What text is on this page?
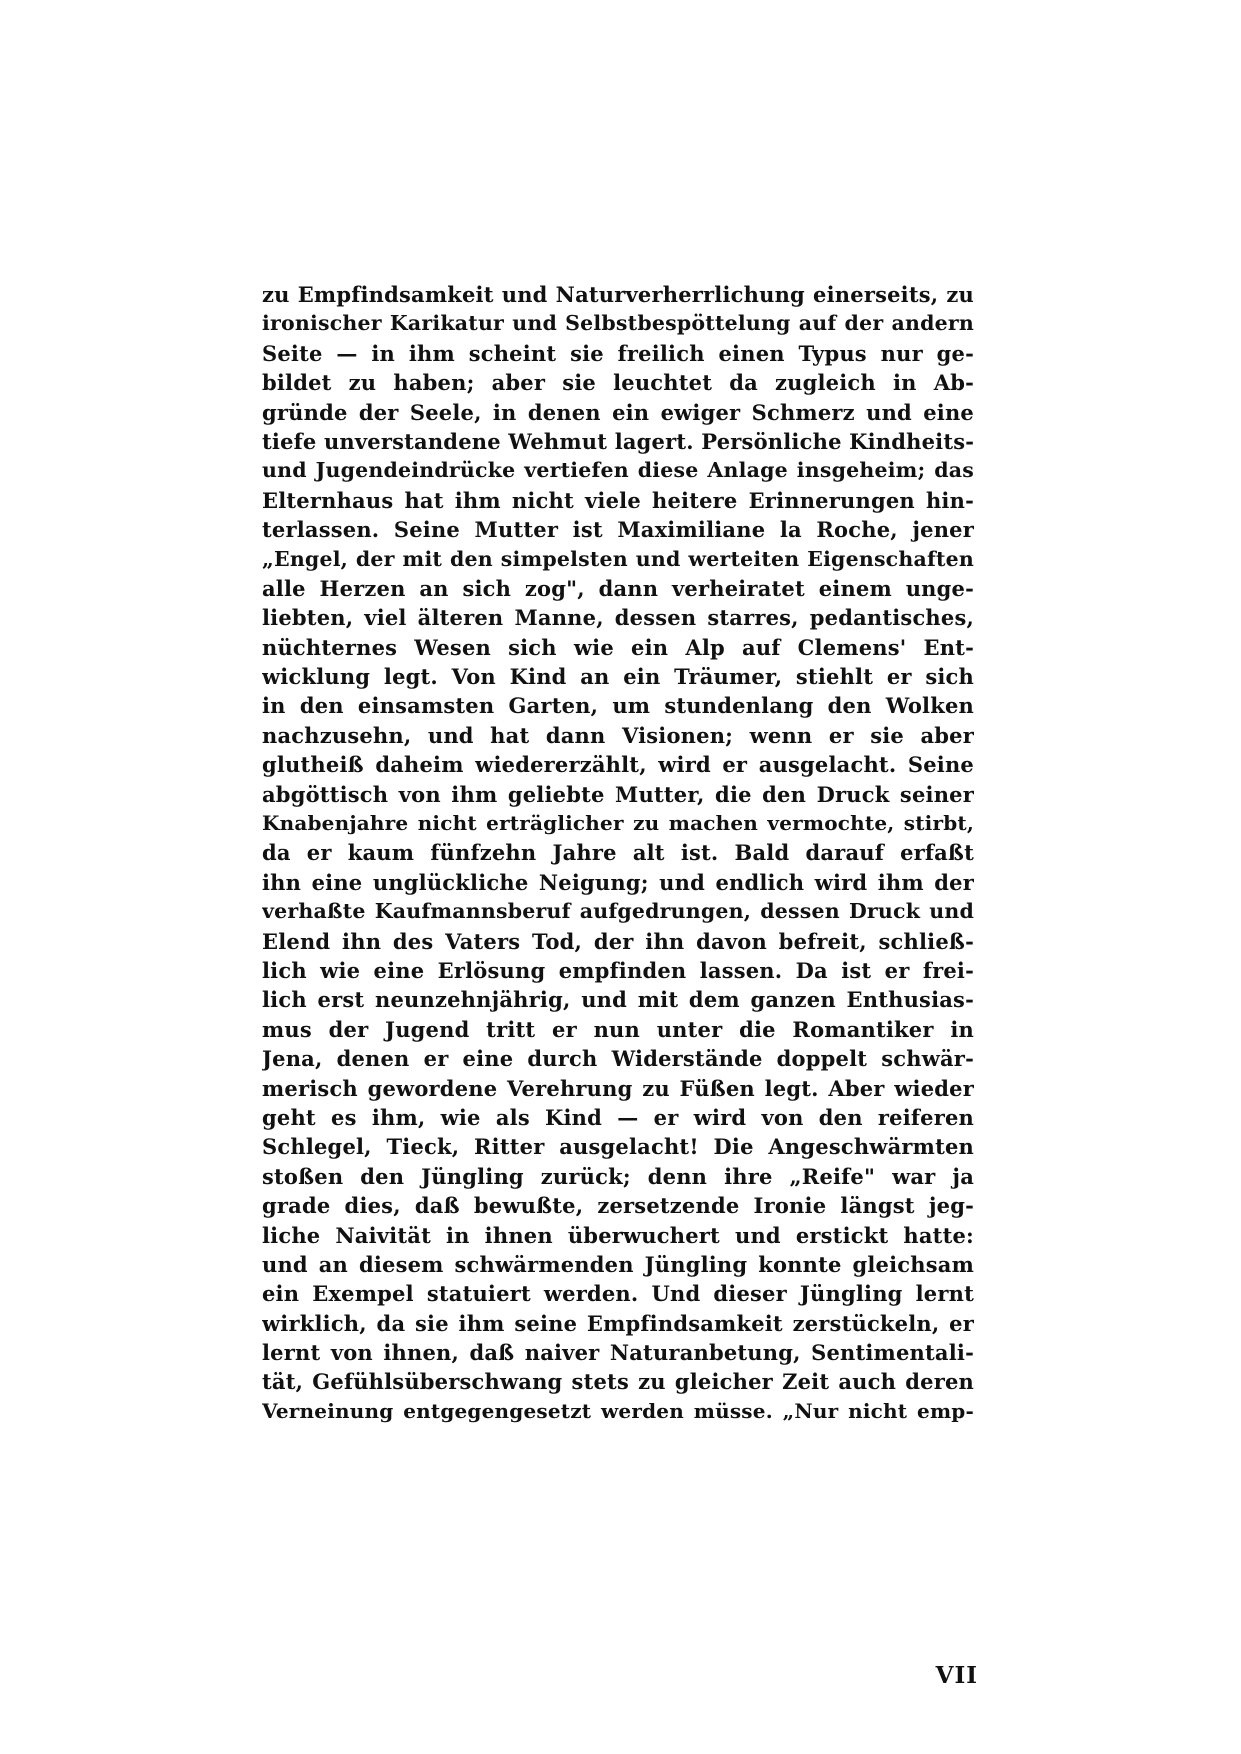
zu Empfindsamkeit und Naturverherrlichung einerseits, zu
ironischer Karikatur und Selbstbespöttelung auf der andern
Seite — in ihm scheint sie freilich einen Typus nur ge-
bildet zu haben; aber sie leuchtet da zugleich in Ab-
gründe der Seele, in denen ein ewiger Schmerz und eine
tiefe unverstandene Wehmut lagert. Persönliche Kindheits-
und Jugendeindrücke vertiefen diese Anlage insgeheim; das
Elternhaus hat ihm nicht viele heitere Erinnerungen hin-
terlassen. Seine Mutter ist Maximiliane la Roche, jener
„Engel, der mit den simpelsten und werteiten Eigenschaften
alle Herzen an sich zog", dann verheiratet einem unge-
liebten, viel älteren Manne, dessen starres, pedantisches,
nüchternes Wesen sich wie ein Alp auf Clemens' Ent-
wicklung legt. Von Kind an ein Träumer, stiehlt er sich
in den einsamsten Garten, um stundenlang den Wolken
nachzusehn, und hat dann Visionen; wenn er sie aber
glutheiß daheim wiedererzählt, wird er ausgelacht. Seine
abgöttisch von ihm geliebte Mutter, die den Druck seiner
Knabenjahre nicht erträglicher zu machen vermochte, stirbt,
da er kaum fünfzehn Jahre alt ist. Bald darauf erfaßt
ihn eine unglückliche Neigung; und endlich wird ihm der
verhaßte Kaufmannsberuf aufgedrungen, dessen Druck und
Elend ihn des Vaters Tod, der ihn davon befreit, schließ-
lich wie eine Erlösung empfinden lassen. Da ist er frei-
lich erst neunzehnjährig, und mit dem ganzen Enthusias-
mus der Jugend tritt er nun unter die Romantiker in
Jena, denen er eine durch Widerstände doppelt schwär-
merisch gewordene Verehrung zu Füßen legt. Aber wieder
geht es ihm, wie als Kind — er wird von den reiferen
Schlegel, Tieck, Ritter ausgelacht! Die Angeschwärmten
stoßen den Jüngling zurück; denn ihre „Reife" war ja
grade dies, daß bewußte, zersetzende Ironie längst jeg-
liche Naivität in ihnen überwuchert und erstickt hatte:
und an diesem schwärmenden Jüngling konnte gleichsam
ein Exempel statuiert werden. Und dieser Jüngling lernt
wirklich, da sie ihm seine Empfindsamkeit zerstückeln, er
lernt von ihnen, daß naiver Naturanbetung, Sentimentali-
tät, Gefühlsüberschwang stets zu gleicher Zeit auch deren
Verneinung entgegengesetzt werden müsse. „Nur nicht emp-
VII
